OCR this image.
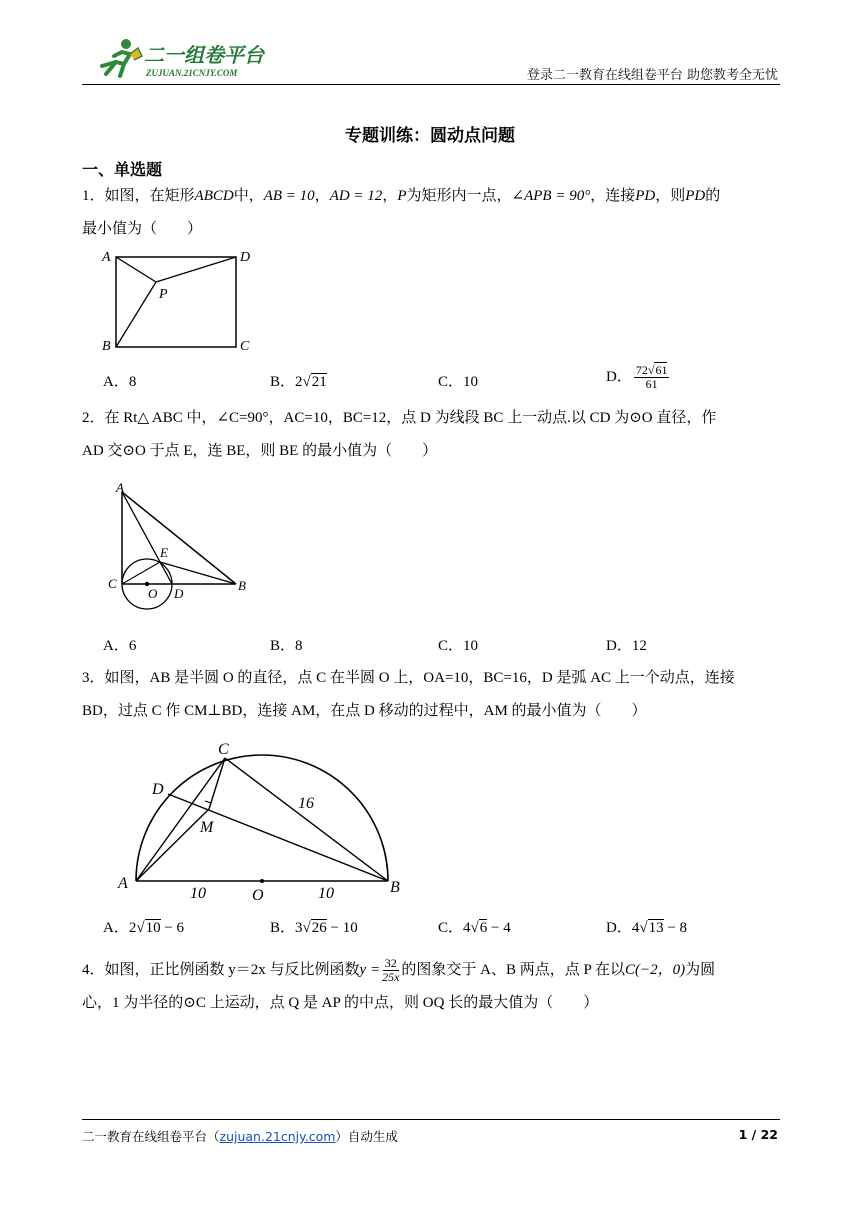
二一组卷平台
ZUJUAN.21CNJY.COM	登录二一教育在线组卷平台 助您教考全无忧
专题训练：圆动点问题
一、单选题
1．如图，在矩形ABCD中，AB = 10，AD = 12，P为矩形内一点，∠APB = 90°，连接PD，则PD的
最小值为（　　）
A	D
P
B	C
A．8	B．2√21	C．10	D． $\frac{72√61}{61}$
2．在 Rt△ ABC 中，∠C=90°，AC=10，BC=12，点 D 为线段 BC 上一动点.以 CD 为⊙O 直径，作
AD 交⊙O 于点 E，连 BE，则 BE 的最小值为（　　）
A
E
C
O D
B
A．6	B．8	C．10	D．12
3．如图，AB 是半圆 O 的直径，点 C 在半圆 O 上，OA=10，BC=16，D 是弧 AC 上一个动点，连接
BD，过点 C 作 CM⊥BD，连接 AM，在点 D 移动的过程中，AM 的最小值为（　　）
C
D
M
16
A
10	O	10	B
A．2√10 − 6	B．3√26 − 10	C．4√6 − 4	D．4√13 − 8
4．如图，正比例函数 y＝2x 与反比例函数$y = \frac{32}{25x}$ 的图象交于 A、B 两点，点 P 在以C(−2，0)为圆
心，1 为半径的⊙C 上运动，点 Q 是 AP 的中点，则 OQ 长的最大值为（　　）
二一教育在线组卷平台（zujuan.21cnjy.com）自动生成	1 / 22
